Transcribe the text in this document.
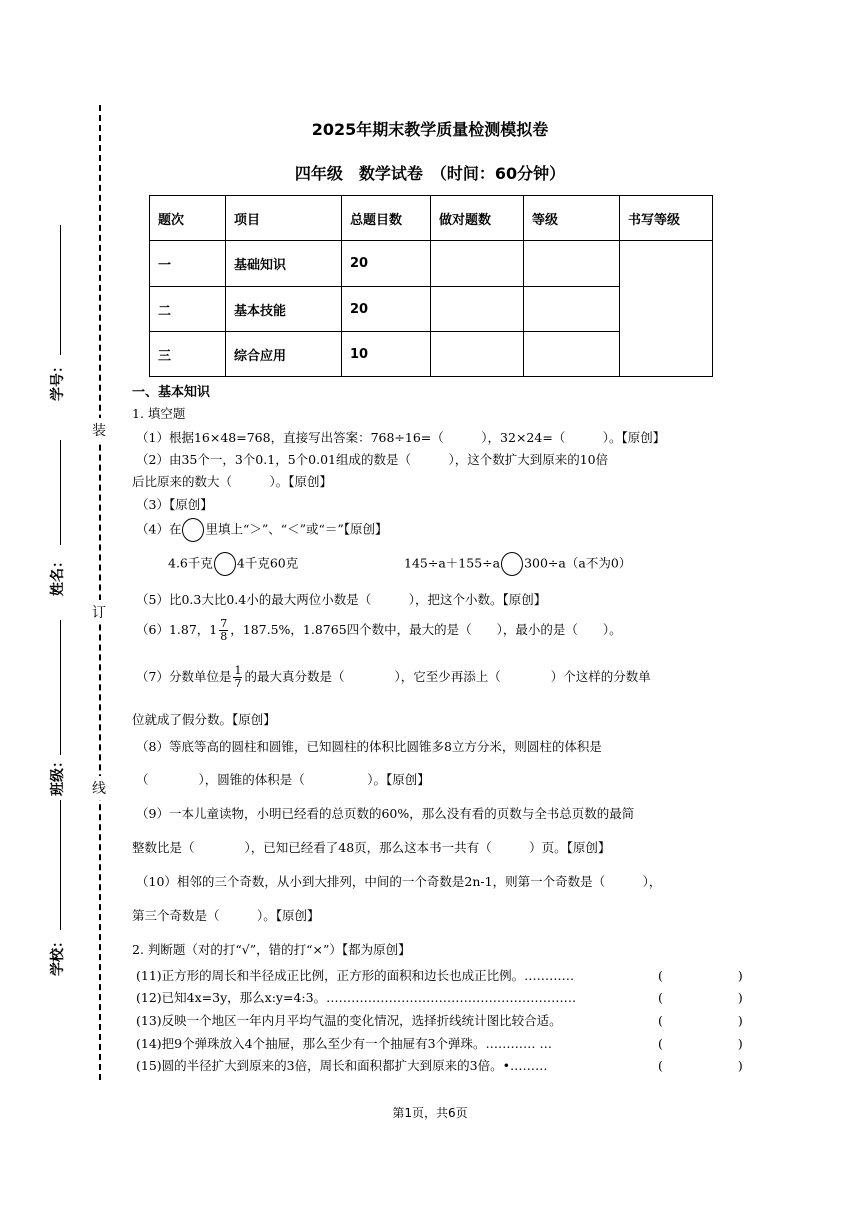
学号：
姓名：
班级：
学校：
装
订
线
2025年期末教学质量检测模拟卷
四年级　数学试卷　（时间：60分钟）
题次	项目	总题目数	做对题数	等级	书写等级
一	基础知识	20			
二	基本技能	20			
三	综合应用	10			
一、基本知识
1. 填空题
（1）根据16×48=768，直接写出答案：768÷16=（　　　），32×24=（　　　）。【原创】
（2）由35个一，3个0.1，5个0.01组成的数是（　　　），这个数扩大到原来的10倍
后比原来的数大（　　　）。【原创】
（3）【原创】
（4）在 里填上“＞”、“＜”或“＝”【原创】
4.6千克 4千克60克	145÷a＋155÷a 300÷a（a不为0）
（5）比0.3大比0.4小的最大两位小数是（　　　），把这个小数。【原创】
（6）1.87，$1 \frac{7}{8}$ ，187.5%，1.8765四个数中，最大的是（　　），最小的是（　　）。
（7）分数单位是 $\frac{1}{7}$ 的最大真分数是（　　　　），它至少再添上（　　　　）个这样的分数单
位就成了假分数。【原创】
（8）等底等高的圆柱和圆锥，已知圆柱的体积比圆锥多8立方分米，则圆柱的体积是
（　　　　），圆锥的体积是（　　　　　）。【原创】
（9）一本儿童读物，小明已经看的总页数的60%，那么没有看的页数与全书总页数的最简
整数比是（　　　　），已知已经看了48页，那么这本书一共有（　　　）页。【原创】
（10）相邻的三个奇数，从小到大排列，中间的一个奇数是2n-1，则第一个奇数是（　　　），
第三个奇数是（　　　）。【原创】
2. 判断题（对的打“√”，错的打“×”）【都为原创】
(11)正方形的周长和半径成正比例，正方形的面积和边长也成正比例。…………	(　　　　　　)
(12)已知4x=3y，那么x:y=4:3。……………………………………………………	(　　　　　　)
(13)反映一个地区一年内月平均气温的变化情况，选择折线统计图比较合适。	(　　　　　　)
(14)把9个弹珠放入4个抽屉，那么至少有一个抽屉有3个弹珠。………… …	(　　　　　　)
(15)圆的半径扩大到原来的3倍，周长和面积都扩大到原来的3倍。•………	(　　　　　　)
第1页，共6页
